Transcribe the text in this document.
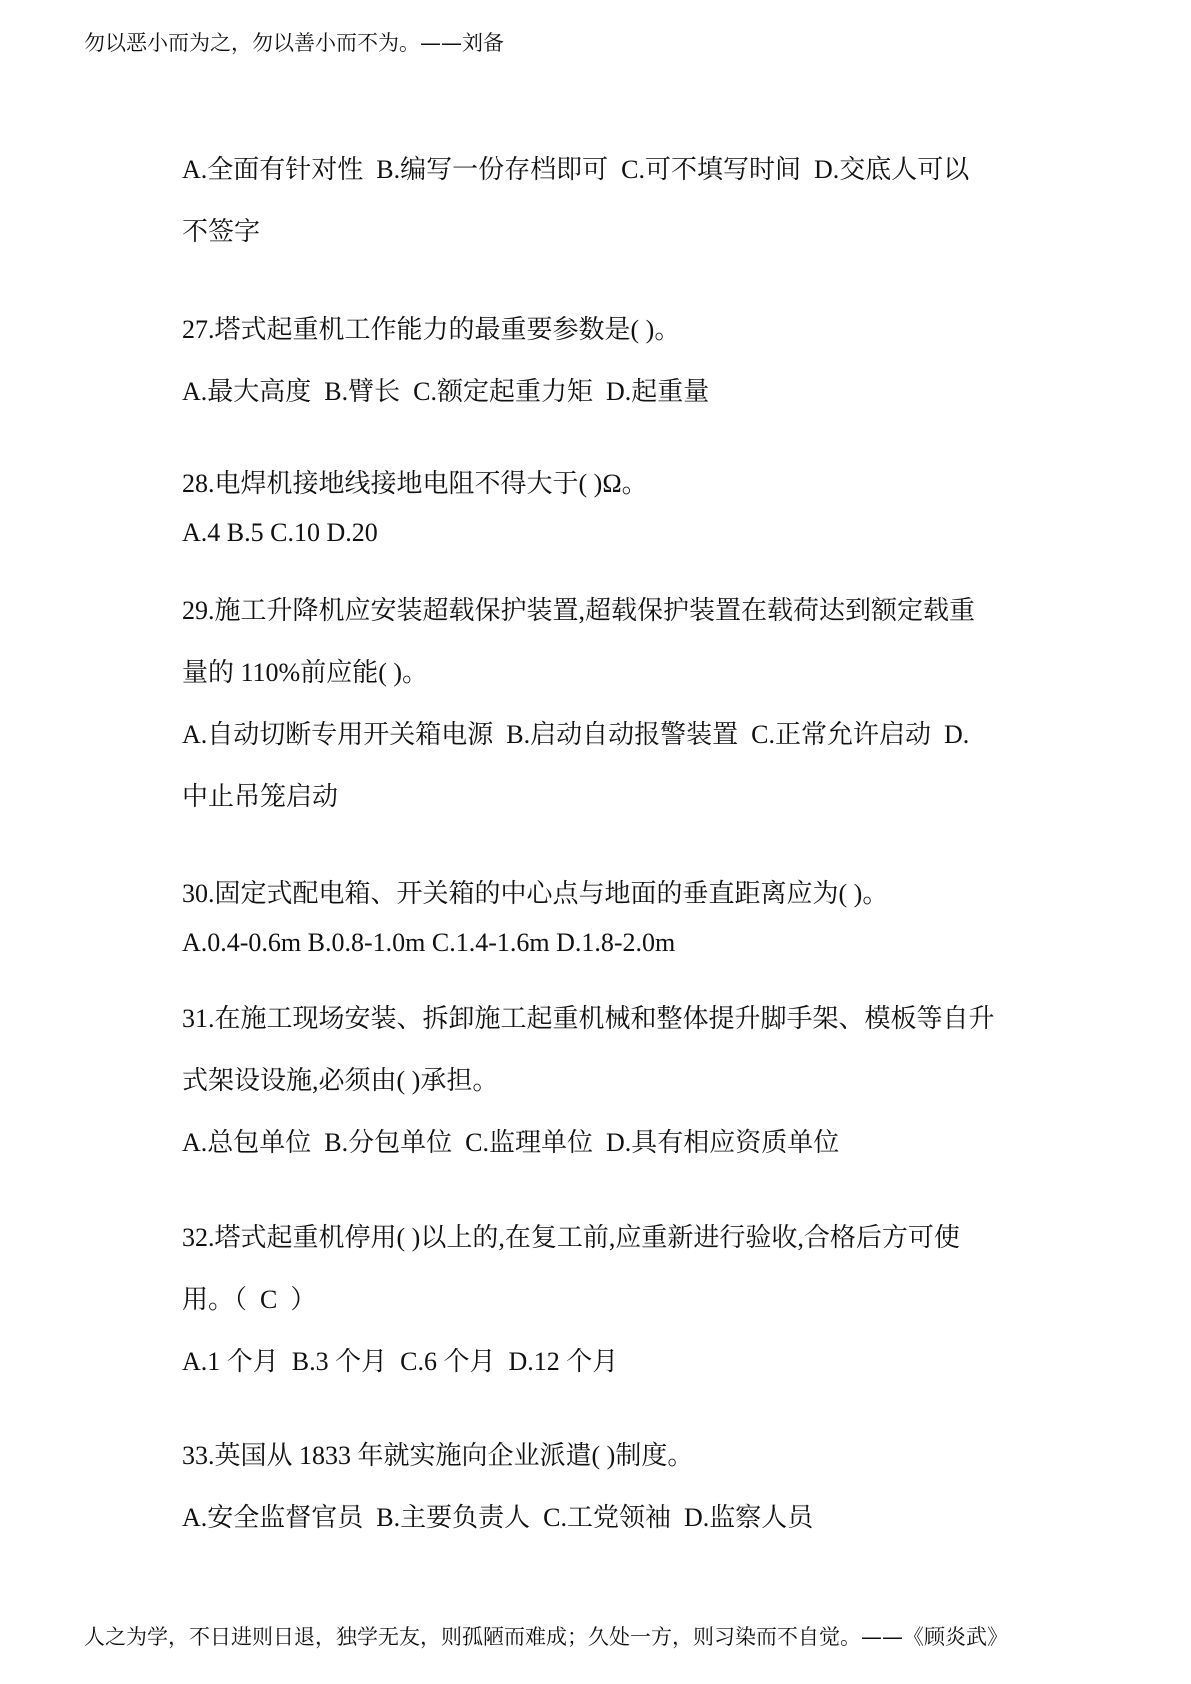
勿以恶小而为之，勿以善小而不为。——刘备
A.全面有针对性  B.编写一份存档即可  C.可不填写时间  D.交底人可以
不签字
27.塔式起重机工作能力的最重要参数是( )。
A.最大高度  B.臂长  C.额定起重力矩  D.起重量
28.电焊机接地线接地电阻不得大于( )Ω。
A.4 B.5 C.10 D.20
29.施工升降机应安装超载保护装置,超载保护装置在载荷达到额定载重
量的 110%前应能( )。
A.自动切断专用开关箱电源  B.启动自动报警装置  C.正常允许启动  D.
中止吊笼启动
30.固定式配电箱、开关箱的中心点与地面的垂直距离应为( )。
A.0.4-0.6m B.0.8-1.0m C.1.4-1.6m D.1.8-2.0m
31.在施工现场安装、拆卸施工起重机械和整体提升脚手架、模板等自升
式架设设施,必须由( )承担。
A.总包单位  B.分包单位  C.监理单位  D.具有相应资质单位
32.塔式起重机停用( )以上的,在复工前,应重新进行验收,合格后方可使
用。（  C  ）
A.1 个月  B.3 个月  C.6 个月  D.12 个月
33.英国从 1833 年就实施向企业派遣( )制度。
A.安全监督官员  B.主要负责人  C.工党领袖  D.监察人员
人之为学，不日进则日退，独学无友，则孤陋而难成；久处一方，则习染而不自觉。——《顾炎武》
